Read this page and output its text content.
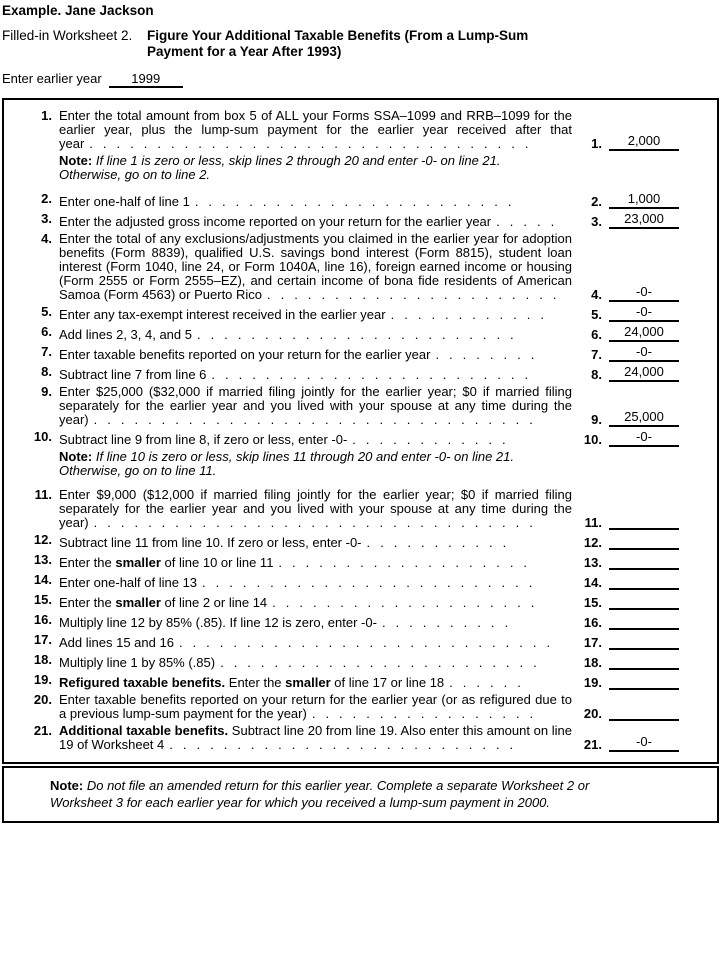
Example. Jane Jackson
Filled-in Worksheet 2.	Figure Your Additional Taxable Benefits (From a Lump-Sum
Payment for a Year After 1993)
Enter earlier year 1999
1. Enter the total amount from box 5 of ALL your Forms SSA–1099 and RRB–1099 for the earlier year, plus the lump-sum payment for the earlier year received after that year .................................	1.	2,000
Note: If line 1 is zero or less, skip lines 2 through 20 and enter -0- on line 21.
Otherwise, go on to line 2.
2. Enter one-half of line 1 ........................	2.	1,000
3. Enter the adjusted gross income reported on your return for the earlier year .....	3.	23,000
4. Enter the total of any exclusions/adjustments you claimed in the earlier year for adoption benefits (Form 8839), qualified U.S. savings bond interest (Form 8815), student loan interest (Form 1040, line 24, or Form 1040A, line 16), foreign earned income or housing (Form 2555 or Form 2555–EZ), and certain income of bona fide residents of American Samoa (Form 4563) or Puerto Rico ......................	4.	-0-
5. Enter any tax-exempt interest received in the earlier year ............	5.	-0-
6. Add lines 2, 3, 4, and 5 ........................	6.	24,000
7. Enter taxable benefits reported on your return for the earlier year ........	7.	-0-
8. Subtract line 7 from line 6 ........................	8.	24,000
9. Enter $25,000 ($32,000 if married filing jointly for the earlier year; $0 if married filing separately for the earlier year and you lived with your spouse at any time during the year) .................................	9.	25,000
10. Subtract line 9 from line 8, if zero or less, enter -0- ............	10.	-0-
Note: If line 10 is zero or less, skip lines 11 through 20 and enter -0- on line 21.
Otherwise, go on to line 11.
11. Enter $9,000 ($12,000 if married filing jointly for the earlier year; $0 if married filing separately for the earlier year and you lived with your spouse at any time during the year) .................................	11.
12. Subtract line 11 from line 10. If zero or less, enter -0- ...........	12.
13. Enter the smaller of line 10 or line 11 ...................	13.
14. Enter one-half of line 13 .........................	14.
15. Enter the smaller of line 2 or line 14 ....................	15.
16. Multiply line 12 by 85% (.85). If line 12 is zero, enter -0- ..........	16.
17. Add lines 15 and 16 ............................	17.
18. Multiply line 1 by 85% (.85) ........................	18.
19. Refigured taxable benefits. Enter the smaller of line 17 or line 18 ......	19.
20. Enter taxable benefits reported on your return for the earlier year (or as refigured due to a previous lump-sum payment for the year) .................	20.
21. Additional taxable benefits. Subtract line 20 from line 19. Also enter this amount on line 19 of Worksheet 4 ..........................	21.	-0-
Note: Do not file an amended return for this earlier year. Complete a separate Worksheet 2 or
Worksheet 3 for each earlier year for which you received a lump-sum payment in 2000.
